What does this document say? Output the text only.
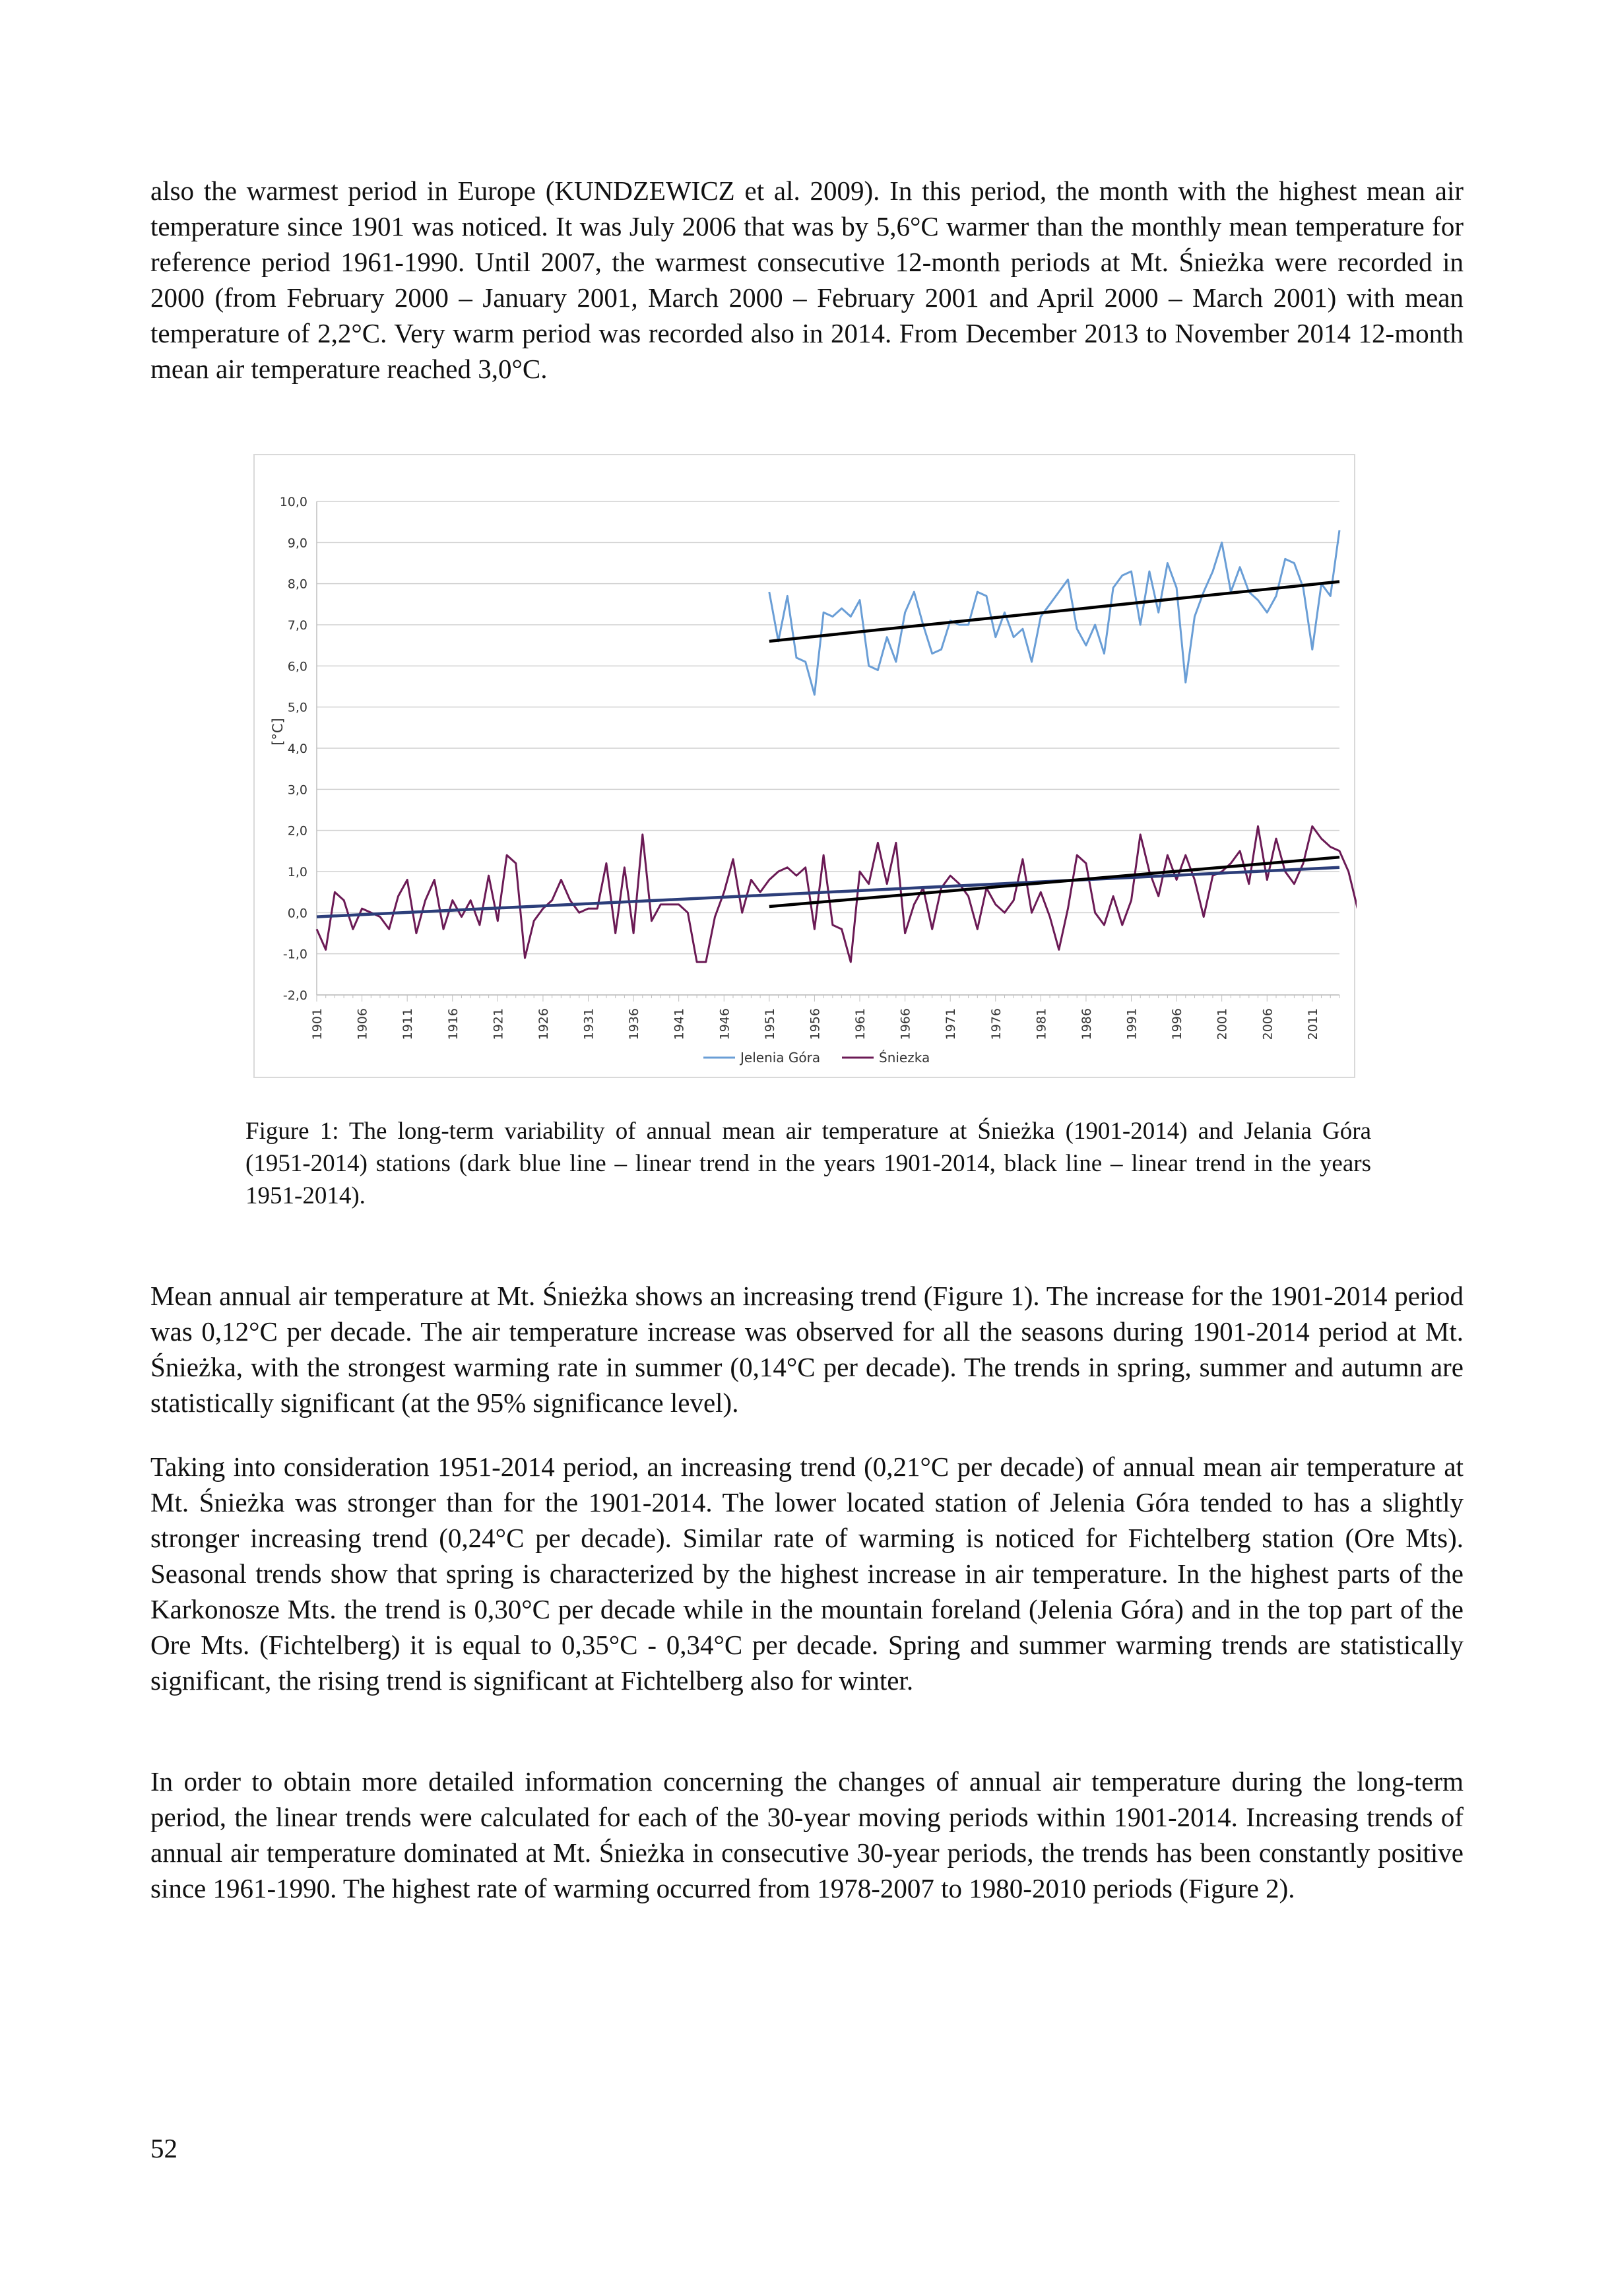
also the warmest period in Europe (KUNDZEWICZ et al. 2009). In this period, the month with the highest mean air temperature since 1901 was noticed. It was July 2006 that was by 5,6°C warmer than the monthly mean temperature for reference period 1961-1990. Until 2007, the warmest consecutive 12-month periods at Mt. Śnieżka were recorded in 2000 (from February 2000 – January 2001, March 2000 – February 2001 and April 2000 – March 2001) with mean temperature of 2,2°C. Very warm period was recorded also in 2014. From December 2013 to November 2014 12-month mean air temperature reached 3,0°C.

-2,0
-1,0
0,0
1,0
2,0
3,0
4,0
5,0
6,0
7,0
8,0
9,0
10,0
[°C]
1901 1906 1911 1916 1921 1926 1931 1936 1941 1946 1951 1956 1961 1966 1971 1976 1981 1986 1991 1996 2001 2006 2011
Jelenia Góra	Śniezka

Figure 1: The long-term variability of annual mean air temperature at Śnieżka (1901-2014) and Jelania Góra (1951-2014) stations (dark blue line – linear trend in the years 1901-2014, black line – linear trend in the years 1951-2014).

Mean annual air temperature at Mt. Śnieżka shows an increasing trend (Figure 1). The increase for the 1901-2014 period was 0,12°C per decade. The air temperature increase was observed for all the seasons during 1901-2014 period at Mt. Śnieżka, with the strongest warming rate in summer (0,14°C per decade). The trends in spring, summer and autumn are statistically significant (at the 95% significance level).

Taking into consideration 1951-2014 period, an increasing trend (0,21°C per decade) of annual mean air temperature at Mt. Śnieżka was stronger than for the 1901-2014. The lower located station of Jelenia Góra tended to has a slightly stronger increasing trend (0,24°C per decade). Similar rate of warming is noticed for Fichtelberg station (Ore Mts). Seasonal trends show that spring is characterized by the highest increase in air temperature. In the highest parts of the Karkonosze Mts. the trend is 0,30°C per decade while in the mountain foreland (Jelenia Góra) and in the top part of the Ore Mts. (Fichtelberg) it is equal to 0,35°C - 0,34°C per decade. Spring and summer warming trends are statistically significant, the rising trend is significant at Fichtelberg also for winter.

In order to obtain more detailed information concerning the changes of annual air temperature during the long-term period, the linear trends were calculated for each of the 30-year moving periods within 1901-2014. Increasing trends of annual air temperature dominated at Mt. Śnieżka in consecutive 30-year periods, the trends has been constantly positive since 1961-1990. The highest rate of warming occurred from 1978-2007 to 1980-2010 periods (Figure 2).

52
